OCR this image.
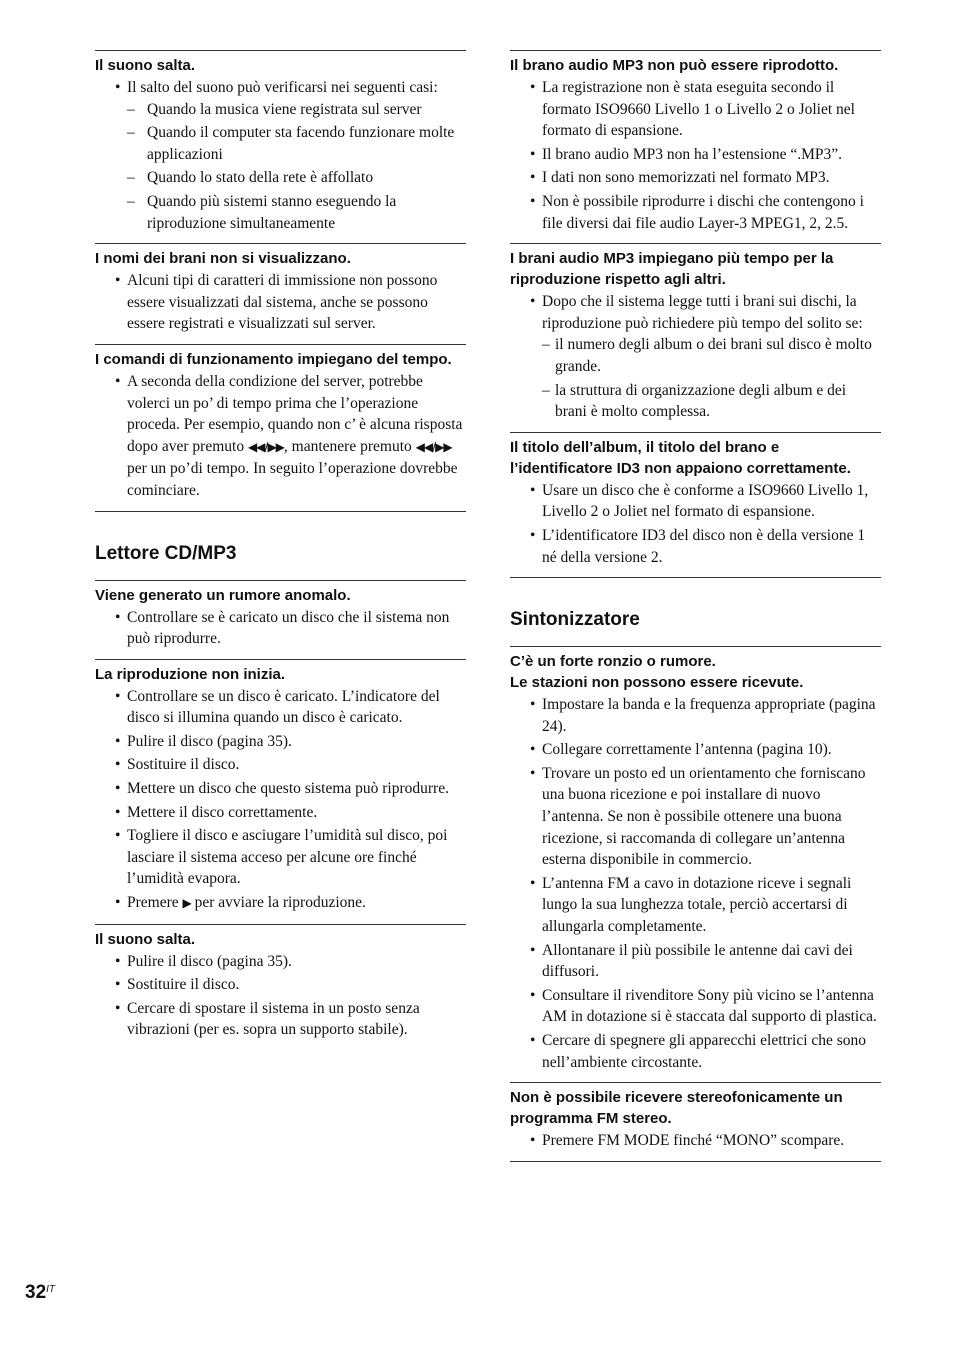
Il suono salta.
• Il salto del suono può verificarsi nei seguenti casi:
– Quando la musica viene registrata sul server
– Quando il computer sta facendo funzionare molte applicazioni
– Quando lo stato della rete è affollato
– Quando più sistemi stanno eseguendo la riproduzione simultaneamente
I nomi dei brani non si visualizzano.
• Alcuni tipi di caratteri di immissione non possono essere visualizzati dal sistema, anche se possono essere registrati e visualizzati sul server.
I comandi di funzionamento impiegano del tempo.
• A seconda della condizione del server, potrebbe volerci un po’ di tempo prima che l’operazione proceda. Per esempio, quando non c’ è alcuna risposta dopo aver premuto ◀◀/▶▶, mantenere premuto ◀◀/▶▶ per un po’di tempo. In seguito l’operazione dovrebbe cominciare.
Lettore CD/MP3
Viene generato un rumore anomalo.
• Controllare se è caricato un disco che il sistema non può riprodurre.
La riproduzione non inizia.
• Controllare se un disco è caricato. L’indicatore del disco si illumina quando un disco è caricato.
• Pulire il disco (pagina 35).
• Sostituire il disco.
• Mettere un disco che questo sistema può riprodurre.
• Mettere il disco correttamente.
• Togliere il disco e asciugare l’umidità sul disco, poi lasciare il sistema acceso per alcune ore finché l’umidità evapora.
• Premere ▶ per avviare la riproduzione.
Il suono salta.
• Pulire il disco (pagina 35).
• Sostituire il disco.
• Cercare di spostare il sistema in un posto senza vibrazioni (per es. sopra un supporto stabile).
Il brano audio MP3 non può essere riprodotto.
• La registrazione non è stata eseguita secondo il formato ISO9660 Livello 1 o Livello 2 o Joliet nel formato di espansione.
• Il brano audio MP3 non ha l’estensione “.MP3”.
• I dati non sono memorizzati nel formato MP3.
• Non è possibile riprodurre i dischi che contengono i file diversi dai file audio Layer-3 MPEG1, 2, 2.5.
I brani audio MP3 impiegano più tempo per la riproduzione rispetto agli altri.
• Dopo che il sistema legge tutti i brani sui dischi, la riproduzione può richiedere più tempo del solito se:
– il numero degli album o dei brani sul disco è molto grande.
– la struttura di organizzazione degli album e dei brani è molto complessa.
Il titolo dell’album, il titolo del brano e l’identificatore ID3 non appaiono correttamente.
• Usare un disco che è conforme a ISO9660 Livello 1, Livello 2 o Joliet nel formato di espansione.
• L’identificatore ID3 del disco non è della versione 1 né della versione 2.
Sintonizzatore
C’è un forte ronzio o rumore.
Le stazioni non possono essere ricevute.
• Impostare la banda e la frequenza appropriate (pagina 24).
• Collegare correttamente l’antenna (pagina 10).
• Trovare un posto ed un orientamento che forniscano una buona ricezione e poi installare di nuovo l’antenna. Se non è possibile ottenere una buona ricezione, si raccomanda di collegare un’antenna esterna disponibile in commercio.
• L’antenna FM a cavo in dotazione riceve i segnali lungo la sua lunghezza totale, perciò accertarsi di allungarla completamente.
• Allontanare il più possibile le antenne dai cavi dei diffusori.
• Consultare il rivenditore Sony più vicino se l’antenna AM in dotazione si è staccata dal supporto di plastica.
• Cercare di spegnere gli apparecchi elettrici che sono nell’ambiente circostante.
Non è possibile ricevere stereofonicamente un programma FM stereo.
• Premere FM MODE finché “MONO” scompare.
$32^{IT}$
